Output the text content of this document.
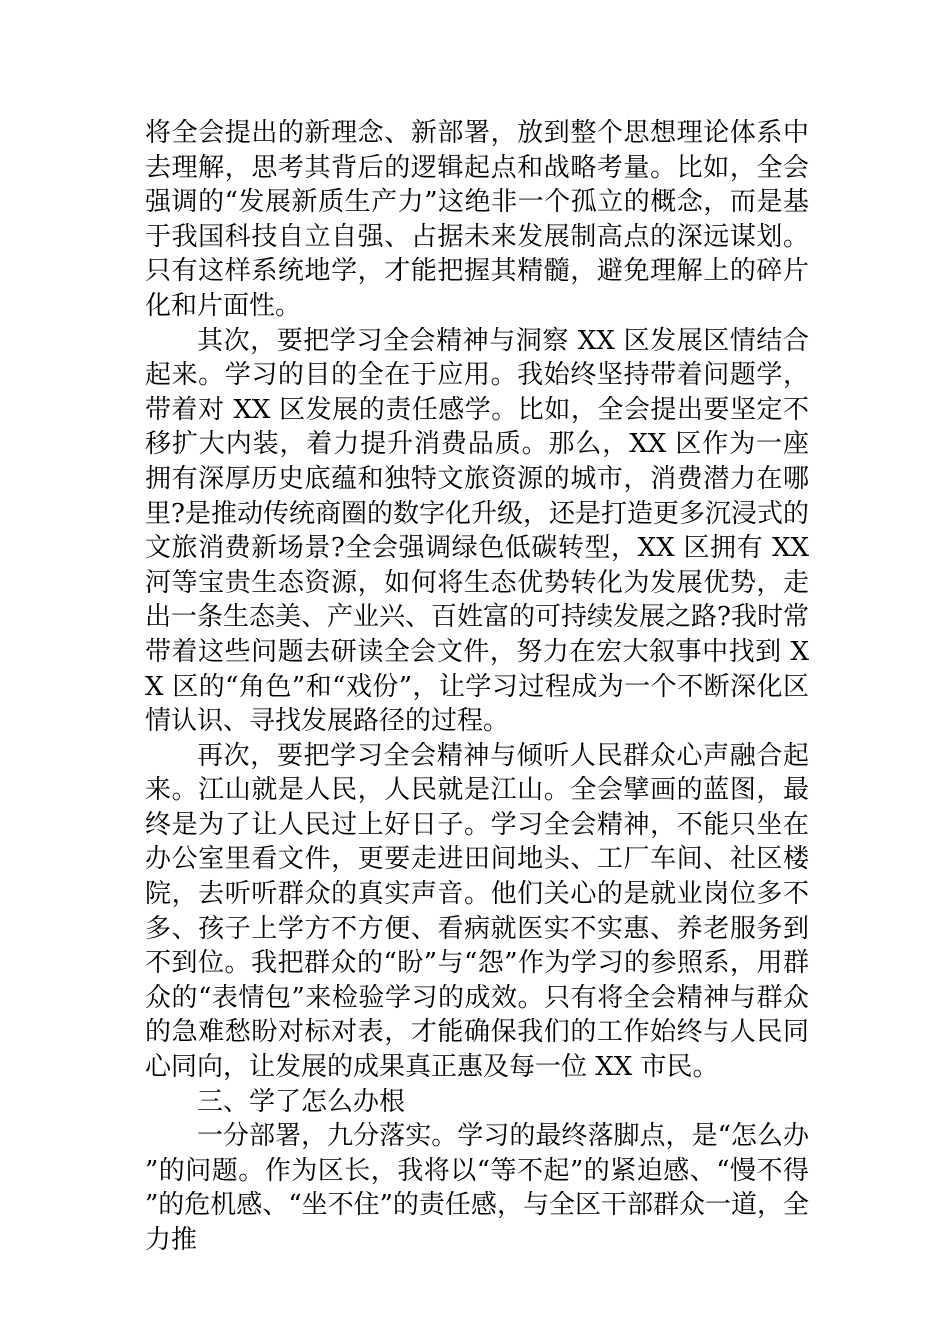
将全会提出的新理念、新部署，放到整个思想理论体系中去理解，思考其背后的逻辑起点和战略考量。比如，全会强调的“发展新质生产力”这绝非一个孤立的概念，而是基于我国科技自立自强、占据未来发展制高点的深远谋划。只有这样系统地学，才能把握其精髓，避免理解上的碎片化和片面性。

其次，要把学习全会精神与洞察 XX 区发展区情结合起来。学习的目的全在于应用。我始终坚持带着问题学，带着对 XX 区发展的责任感学。比如，全会提出要坚定不移扩大内装，着力提升消费品质。那么，XX 区作为一座拥有深厚历史底蕴和独特文旅资源的城市，消费潜力在哪里?是推动传统商圈的数字化升级，还是打造更多沉浸式的文旅消费新场景?全会强调绿色低碳转型，XX 区拥有 XX 河等宝贵生态资源，如何将生态优势转化为发展优势，走出一条生态美、产业兴、百姓富的可持续发展之路?我时常带着这些问题去研读全会文件，努力在宏大叙事中找到 XX 区的“角色”和“戏份”，让学习过程成为一个不断深化区情认识、寻找发展路径的过程。

再次，要把学习全会精神与倾听人民群众心声融合起来。江山就是人民，人民就是江山。全会擘画的蓝图，最终是为了让人民过上好日子。学习全会精神，不能只坐在办公室里看文件，更要走进田间地头、工厂车间、社区楼院，去听听群众的真实声音。他们关心的是就业岗位多不多、孩子上学方不方便、看病就医实不实惠、养老服务到不到位。我把群众的“盼”与“怨”作为学习的参照系，用群众的“表情包”来检验学习的成效。只有将全会精神与群众的急难愁盼对标对表，才能确保我们的工作始终与人民同心同向，让发展的成果真正惠及每一位 XX 市民。

三、学了怎么办根

一分部署，九分落实。学习的最终落脚点，是“怎么办”的问题。作为区长，我将以“等不起”的紧迫感、“慢不得”的危机感、“坐不住”的责任感，与全区干部群众一道，全力推
